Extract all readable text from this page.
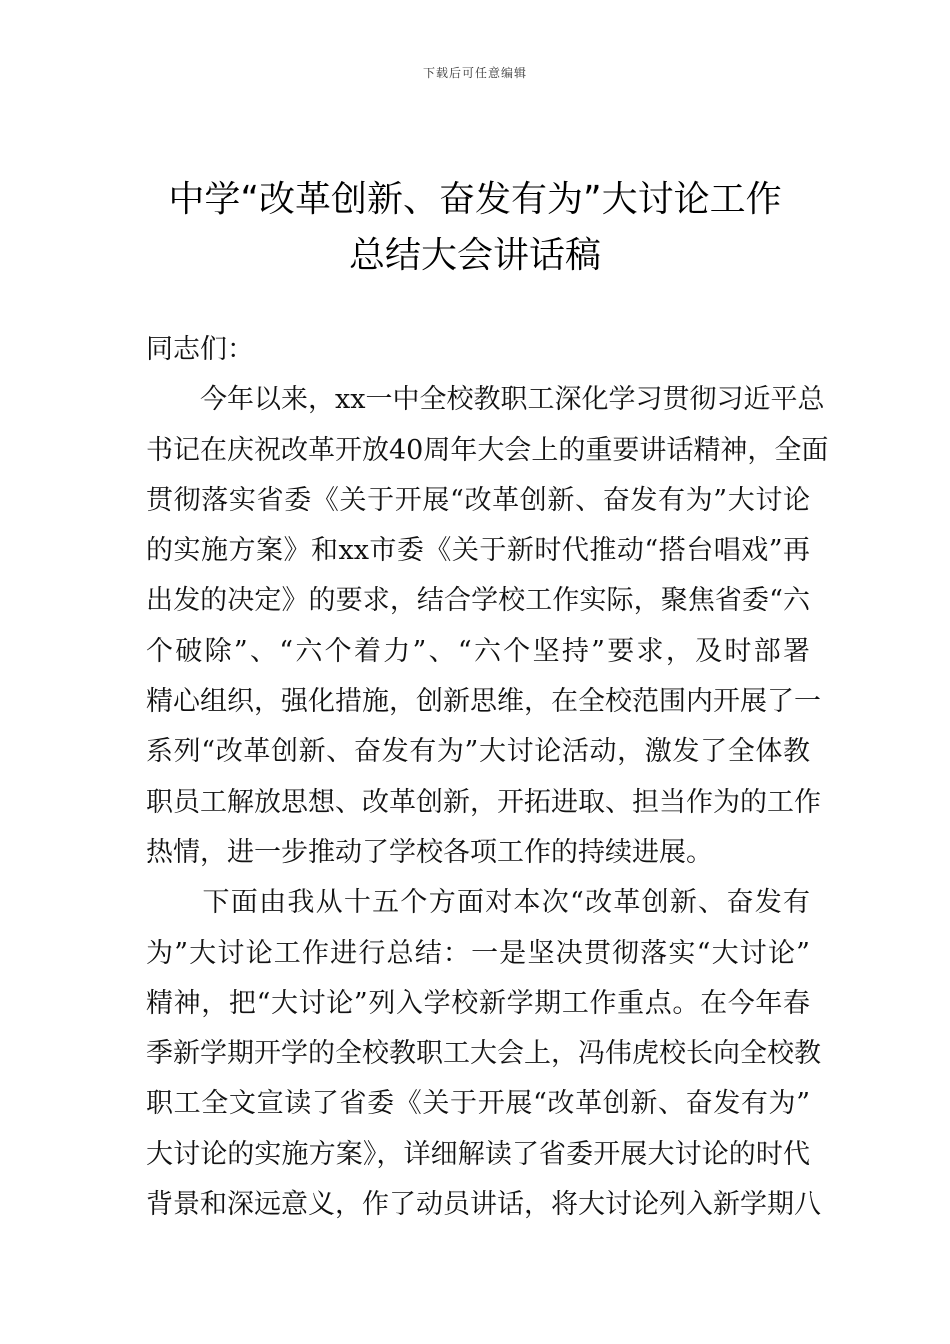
下载后可任意编辑
中学“改革创新、奋发有为”大讨论工作
总结大会讲话稿
同志们：
　　今年以来，xx一中全校教职工深化学习贯彻习近平总
书记在庆祝改革开放40周年大会上的重要讲话精神，全面
贯彻落实省委《关于开展“改革创新、奋发有为”大讨论
的实施方案》和xx市委《关于新时代推动“搭台唱戏”再
出发的决定》的要求，结合学校工作实际，聚焦省委“六
个破除”、“六个着力”、“六个坚持”要求，及时部署
精心组织，强化措施，创新思维，在全校范围内开展了一
系列“改革创新、奋发有为”大讨论活动，激发了全体教
职员工解放思想、改革创新，开拓进取、担当作为的工作
热情，进一步推动了学校各项工作的持续进展。
　　下面由我从十五个方面对本次“改革创新、奋发有
为”大讨论工作进行总结：一是坚决贯彻落实“大讨论”
精神，把“大讨论”列入学校新学期工作重点。在今年春
季新学期开学的全校教职工大会上，冯伟虎校长向全校教
职工全文宣读了省委《关于开展“改革创新、奋发有为”
大讨论的实施方案》，详细解读了省委开展大讨论的时代
背景和深远意义，作了动员讲话，将大讨论列入新学期八
